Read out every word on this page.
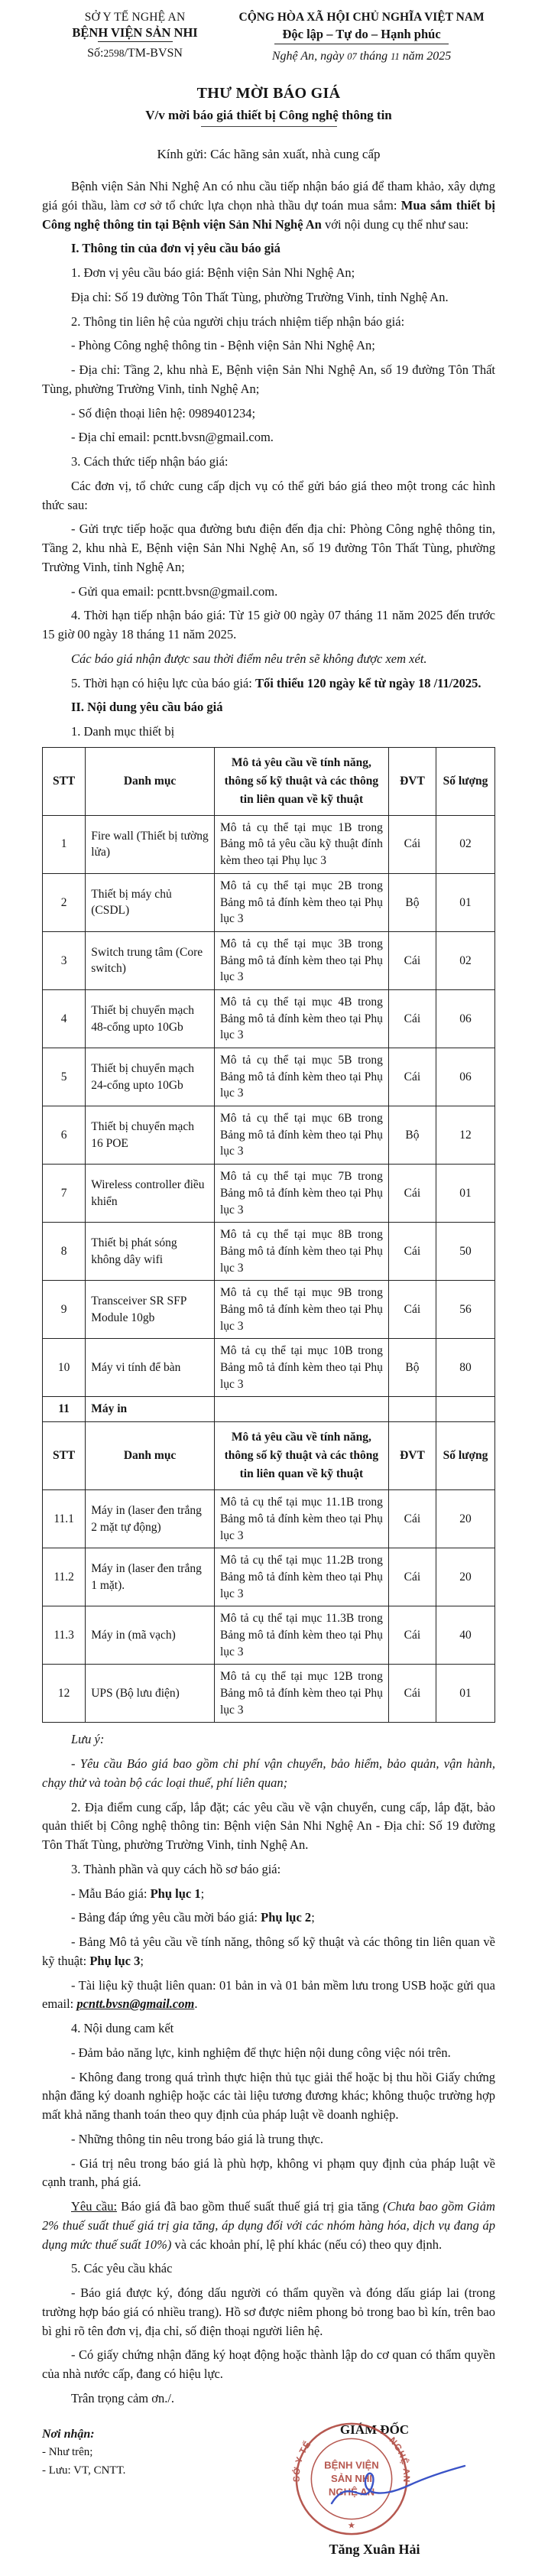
SỞ Y TẾ NGHỆ AN
BỆNH VIỆN SẢN NHI
Số:2598/TM-BVSN
CỘNG HÒA XÃ HỘI CHỦ NGHĨA VIỆT NAM
Độc lập – Tự do – Hạnh phúc
Nghệ An, ngày 07 tháng 11 năm 2025
THƯ MỜI BÁO GIÁ
V/v mời báo giá thiết bị Công nghệ thông tin

Kính gửi: Các hãng sản xuất, nhà cung cấp

Bệnh viện Sản Nhi Nghệ An có nhu cầu tiếp nhận báo giá để tham khảo, xây dựng giá gói thầu, làm cơ sở tổ chức lựa chọn nhà thầu dự toán mua sắm: Mua sắm thiết bị Công nghệ thông tin tại Bệnh viện Sản Nhi Nghệ An với nội dung cụ thể như sau:

I. Thông tin của đơn vị yêu cầu báo giá

1. Đơn vị yêu cầu báo giá: Bệnh viện Sản Nhi Nghệ An;

Địa chỉ: Số 19 đường Tôn Thất Tùng, phường Trường Vinh, tỉnh Nghệ An.

2. Thông tin liên hệ của người chịu trách nhiệm tiếp nhận báo giá:

- Phòng Công nghệ thông tin - Bệnh viện Sản Nhi Nghệ An;

- Địa chỉ: Tầng 2, khu nhà E, Bệnh viện Sản Nhi Nghệ An, số 19 đường Tôn Thất Tùng, phường Trường Vinh, tỉnh Nghệ An;

- Số điện thoại liên hệ: 0989401234;

- Địa chỉ email: pcntt.bvsn@gmail.com.

3. Cách thức tiếp nhận báo giá:

Các đơn vị, tổ chức cung cấp dịch vụ có thể gửi báo giá theo một trong các hình thức sau:

- Gửi trực tiếp hoặc qua đường bưu điện đến địa chỉ: Phòng Công nghệ thông tin, Tầng 2, khu nhà E, Bệnh viện Sản Nhi Nghệ An, số 19 đường Tôn Thất Tùng, phường Trường Vinh, tỉnh Nghệ An;

- Gửi qua email: pcntt.bvsn@gmail.com.

4. Thời hạn tiếp nhận báo giá: Từ 15 giờ 00 ngày 07 tháng 11 năm 2025 đến trước 15 giờ 00 ngày 18 tháng 11 năm 2025.

Các báo giá nhận được sau thời điểm nêu trên sẽ không được xem xét.

5. Thời hạn có hiệu lực của báo giá: Tối thiểu 120 ngày kể từ ngày 18 /11/2025.

II. Nội dung yêu cầu báo giá

1. Danh mục thiết bị

STT	Danh mục	Mô tả yêu cầu về tính năng, thông số kỹ thuật và các thông tin liên quan về kỹ thuật	ĐVT	Số lượng
1	Fire wall (Thiết bị tường lửa)	Mô tả cụ thể tại mục 1B trong Bảng mô tả yêu cầu kỹ thuật đính kèm theo tại Phụ lục 3	Cái	02
2	Thiết bị máy chủ (CSDL)	Mô tả cụ thể tại mục 2B trong Bảng mô tả đính kèm theo tại Phụ lục 3	Bộ	01
3	Switch trung tâm (Core switch)	Mô tả cụ thể tại mục 3B trong Bảng mô tả đính kèm theo tại Phụ lục 3	Cái	02
4	Thiết bị chuyển mạch 48-cổng upto 10Gb	Mô tả cụ thể tại mục 4B trong Bảng mô tả đính kèm theo tại Phụ lục 3	Cái	06
5	Thiết bị chuyển mạch 24-cổng upto 10Gb	Mô tả cụ thể tại mục 5B trong Bảng mô tả đính kèm theo tại Phụ lục 3	Cái	06
6	Thiết bị chuyển mạch 16 POE	Mô tả cụ thể tại mục 6B trong Bảng mô tả đính kèm theo tại Phụ lục 3	Bộ	12
7	Wireless controller điều khiển	Mô tả cụ thể tại mục 7B trong Bảng mô tả đính kèm theo tại Phụ lục 3	Cái	01
8	Thiết bị phát sóng không dây wifi	Mô tả cụ thể tại mục 8B trong Bảng mô tả đính kèm theo tại Phụ lục 3	Cái	50
9	Transceiver SR SFP Module 10gb	Mô tả cụ thể tại mục 9B trong Bảng mô tả đính kèm theo tại Phụ lục 3	Cái	56
10	Máy vi tính để bàn	Mô tả cụ thể tại mục 10B trong Bảng mô tả đính kèm theo tại Phụ lục 3	Bộ	80
11	Máy in			
STT	Danh mục	Mô tả yêu cầu về tính năng, thông số kỹ thuật và các thông tin liên quan về kỹ thuật	ĐVT	Số lượng
11.1	Máy in (laser đen trắng 2 mặt tự động)	Mô tả cụ thể tại mục 11.1B trong Bảng mô tả đính kèm theo tại Phụ lục 3	Cái	20
11.2	Máy in (laser đen trắng 1 mặt).	Mô tả cụ thể tại mục 11.2B trong Bảng mô tả đính kèm theo tại Phụ lục 3	Cái	20
11.3	Máy in (mã vạch)	Mô tả cụ thể tại mục 11.3B trong Bảng mô tả đính kèm theo tại Phụ lục 3	Cái	40
12	UPS (Bộ lưu điện)	Mô tả cụ thể tại mục 12B trong Bảng mô tả đính kèm theo tại Phụ lục 3	Cái	01

Lưu ý:

- Yêu cầu Báo giá bao gồm chi phí vận chuyển, bảo hiểm, bảo quản, vận hành, chạy thử và toàn bộ các loại thuế, phí liên quan;

2. Địa điểm cung cấp, lắp đặt; các yêu cầu về vận chuyển, cung cấp, lắp đặt, bảo quản thiết bị Công nghệ thông tin: Bệnh viện Sản Nhi Nghệ An - Địa chỉ: Số 19 đường Tôn Thất Tùng, phường Trường Vinh, tỉnh Nghệ An.

3. Thành phần và quy cách hồ sơ báo giá:

- Mẫu Báo giá: Phụ lục 1;

- Bảng đáp ứng yêu cầu mời báo giá: Phụ lục 2;

- Bảng Mô tả yêu cầu về tính năng, thông số kỹ thuật và các thông tin liên quan về kỹ thuật: Phụ lục 3;

- Tài liệu kỹ thuật liên quan: 01 bản in và 01 bản mềm lưu trong USB hoặc gửi qua email: pcntt.bvsn@gmail.com.

4. Nội dung cam kết

- Đảm bảo năng lực, kinh nghiệm để thực hiện nội dung công việc nói trên.

- Không đang trong quá trình thực hiện thủ tục giải thể hoặc bị thu hồi Giấy chứng nhận đăng ký doanh nghiệp hoặc các tài liệu tương đương khác; không thuộc trường hợp mất khả năng thanh toán theo quy định của pháp luật về doanh nghiệp.

- Những thông tin nêu trong báo giá là trung thực.

- Giá trị nêu trong báo giá là phù hợp, không vi phạm quy định của pháp luật về cạnh tranh, phá giá.

Yêu cầu: Báo giá đã bao gồm thuế suất thuế giá trị gia tăng (Chưa bao gồm Giảm 2% thuế suất thuế giá trị gia tăng, áp dụng đối với các nhóm hàng hóa, dịch vụ đang áp dụng mức thuế suất 10%) và các khoản phí, lệ phí khác (nếu có) theo quy định.

5. Các yêu cầu khác

- Báo giá được ký, đóng dấu người có thẩm quyền và đóng dấu giáp lai (trong trường hợp báo giá có nhiều trang). Hồ sơ được niêm phong bỏ trong bao bì kín, trên bao bì ghi rõ tên đơn vị, địa chỉ, số điện thoại người liên hệ.

- Có giấy chứng nhận đăng ký hoạt động hoặc thành lập do cơ quan có thẩm quyền của nhà nước cấp, đang có hiệu lực.

Trân trọng cảm ơn./.

Nơi nhận:
- Như trên;
- Lưu: VT, CNTT.
GIÁM ĐỐC
SỞ Y TẾ	NGHỆ AN
BỆNH VIỆN
SẢN NHI
NGHỆ AN
★
Tăng Xuân Hải
